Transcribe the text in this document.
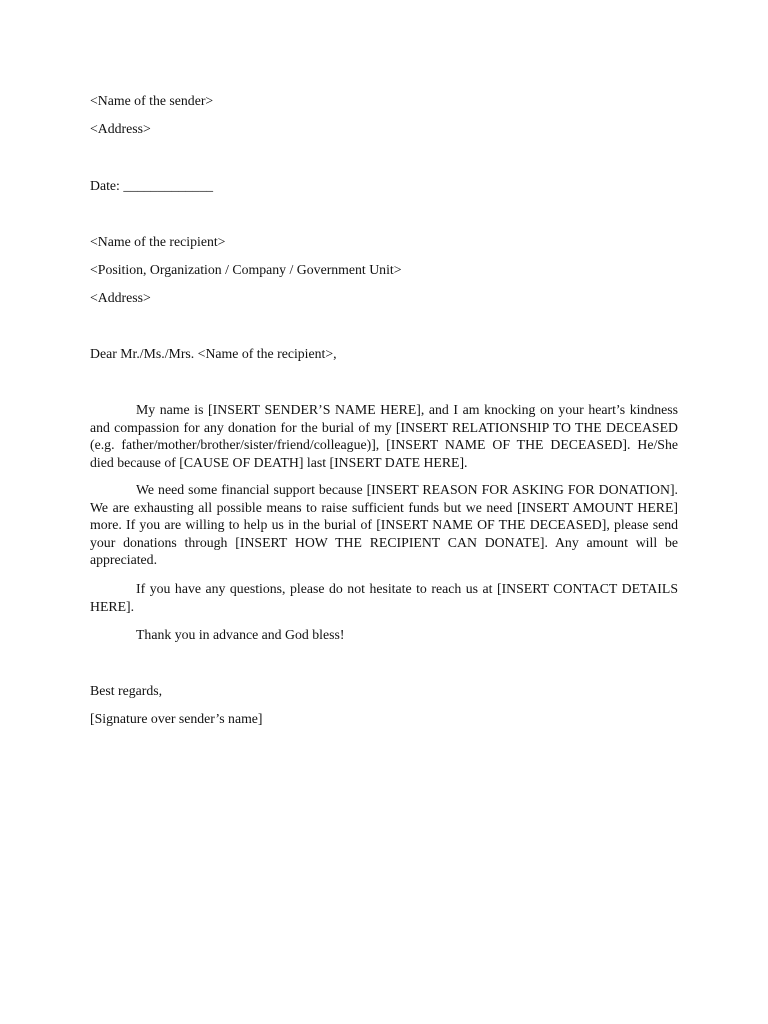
<Name of the sender>
<Address>
Date: _____________
<Name of the recipient>
<Position, Organization / Company / Government Unit>
<Address>
Dear Mr./Ms./Mrs. <Name of the recipient>,
My name is [INSERT SENDER’S NAME HERE], and I am knocking on your heart’s kindness and compassion for any donation for the burial of my [INSERT RELATIONSHIP TO THE DECEASED (e.g. father/mother/brother/sister/friend/colleague)], [INSERT NAME OF THE DECEASED]. He/She died because of [CAUSE OF DEATH] last [INSERT DATE HERE].
We need some financial support because [INSERT REASON FOR ASKING FOR DONATION]. We are exhausting all possible means to raise sufficient funds but we need [INSERT AMOUNT HERE] more. If you are willing to help us in the burial of [INSERT NAME OF THE DECEASED], please send your donations through [INSERT HOW THE RECIPIENT CAN DONATE]. Any amount will be appreciated.
If you have any questions, please do not hesitate to reach us at [INSERT CONTACT DETAILS HERE].
Thank you in advance and God bless!
Best regards,
[Signature over sender’s name]
